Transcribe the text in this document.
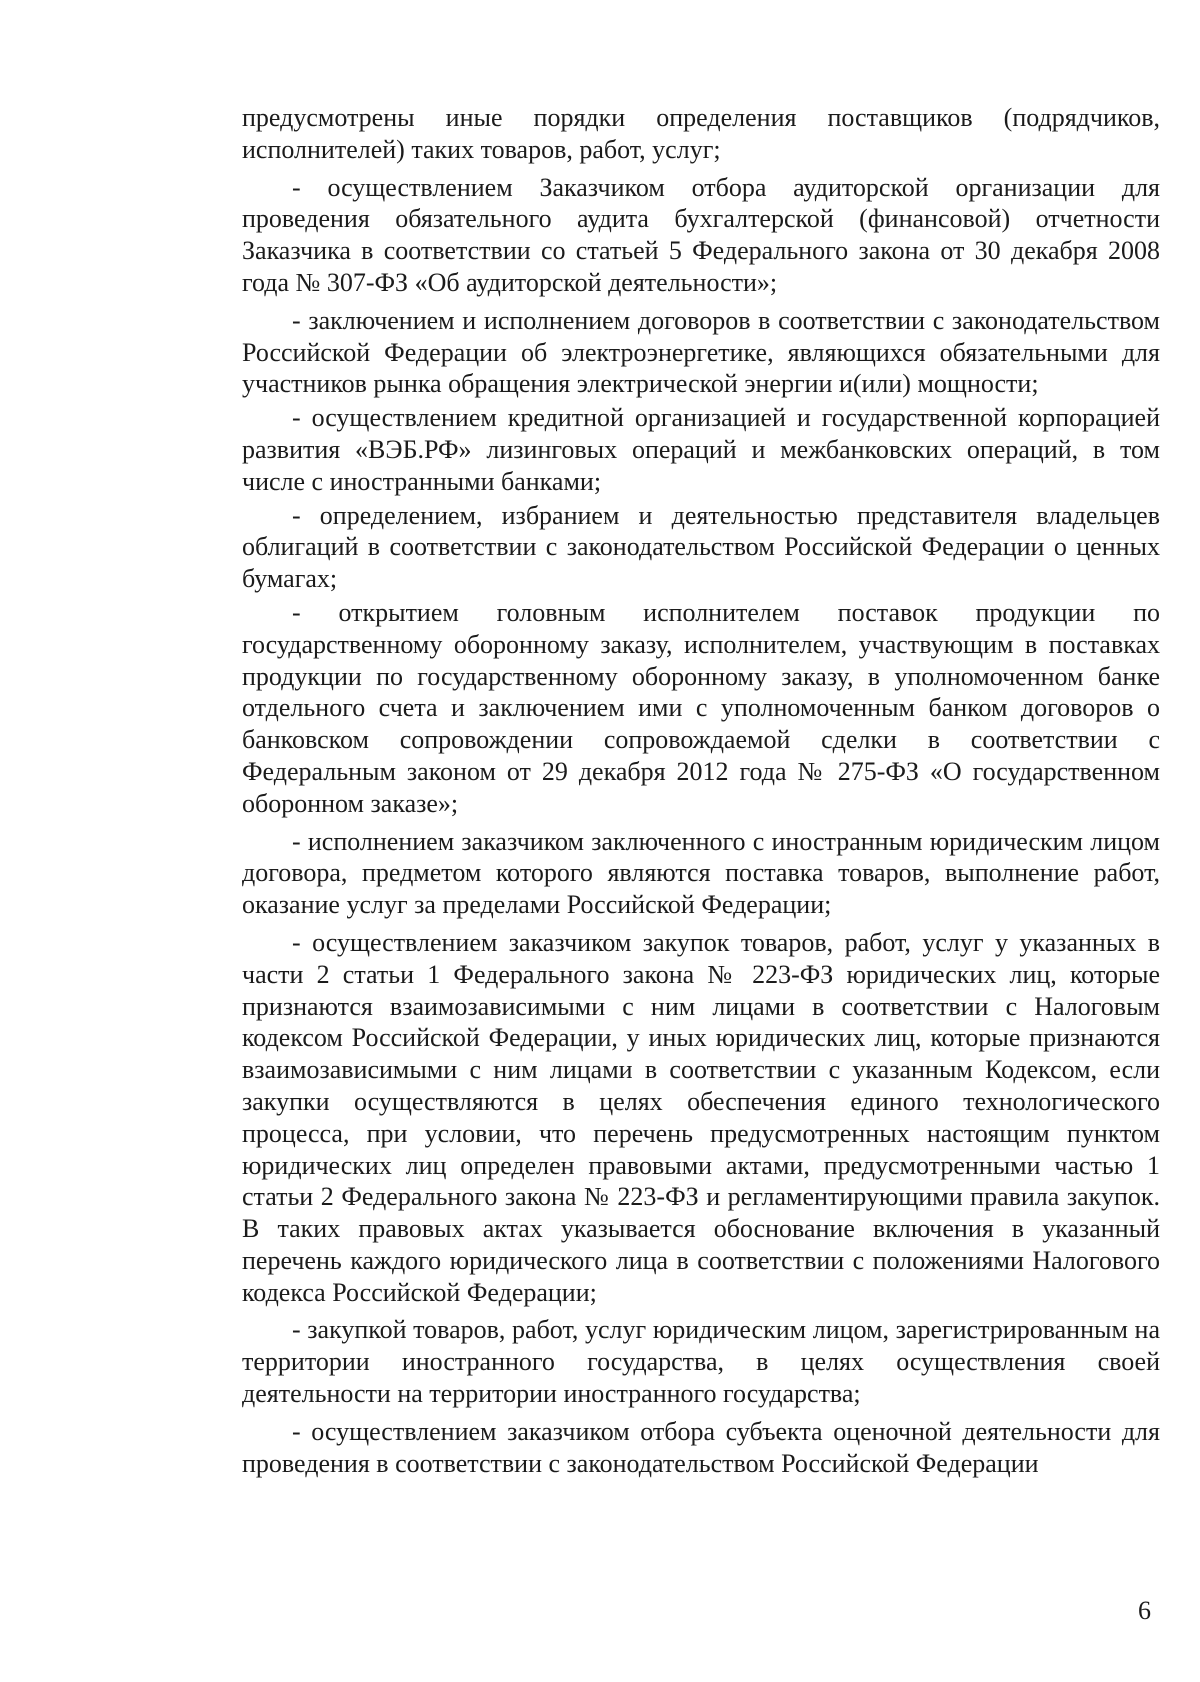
предусмотрены иные порядки определения поставщиков (подрядчиков, исполнителей) таких товаров, работ, услуг;

- осуществлением Заказчиком отбора аудиторской организации для проведения обязательного аудита бухгалтерской (финансовой) отчетности Заказчика в соответствии со статьей 5 Федерального закона от 30 декабря 2008 года № 307-ФЗ «Об аудиторской деятельности»;

- заключением и исполнением договоров в соответствии с законодательством Российской Федерации об электроэнергетике, являющихся обязательными для участников рынка обращения электрической энергии и(или) мощности;

- осуществлением кредитной организацией и государственной корпорацией развития «ВЭБ.РФ» лизинговых операций и межбанковских операций, в том числе с иностранными банками;

- определением, избранием и деятельностью представителя владельцев облигаций в соответствии с законодательством Российской Федерации о ценных бумагах;

- открытием головным исполнителем поставок продукции по государственному оборонному заказу, исполнителем, участвующим в поставках продукции по государственному оборонному заказу, в уполномоченном банке отдельного счета и заключением ими с уполномоченным банком договоров о банковском сопровождении сопровождаемой сделки в соответствии с Федеральным законом от 29 декабря 2012 года № 275-ФЗ «О государственном оборонном заказе»;

- исполнением заказчиком заключенного с иностранным юридическим лицом договора, предметом которого являются поставка товаров, выполнение работ, оказание услуг за пределами Российской Федерации;

- осуществлением заказчиком закупок товаров, работ, услуг у указанных в части 2 статьи 1 Федерального закона № 223-ФЗ юридических лиц, которые признаются взаимозависимыми с ним лицами в соответствии с Налоговым кодексом Российской Федерации, у иных юридических лиц, которые признаются взаимозависимыми с ним лицами в соответствии с указанным Кодексом, если закупки осуществляются в целях обеспечения единого технологического процесса, при условии, что перечень предусмотренных настоящим пунктом юридических лиц определен правовыми актами, предусмотренными частью 1 статьи 2 Федерального закона № 223-ФЗ и регламентирующими правила закупок. В таких правовых актах указывается обоснование включения в указанный перечень каждого юридического лица в соответствии с положениями Налогового кодекса Российской Федерации;

- закупкой товаров, работ, услуг юридическим лицом, зарегистрированным на территории иностранного государства, в целях осуществления своей деятельности на территории иностранного государства;

- осуществлением заказчиком отбора субъекта оценочной деятельности для проведения в соответствии с законодательством Российской Федерации

6
